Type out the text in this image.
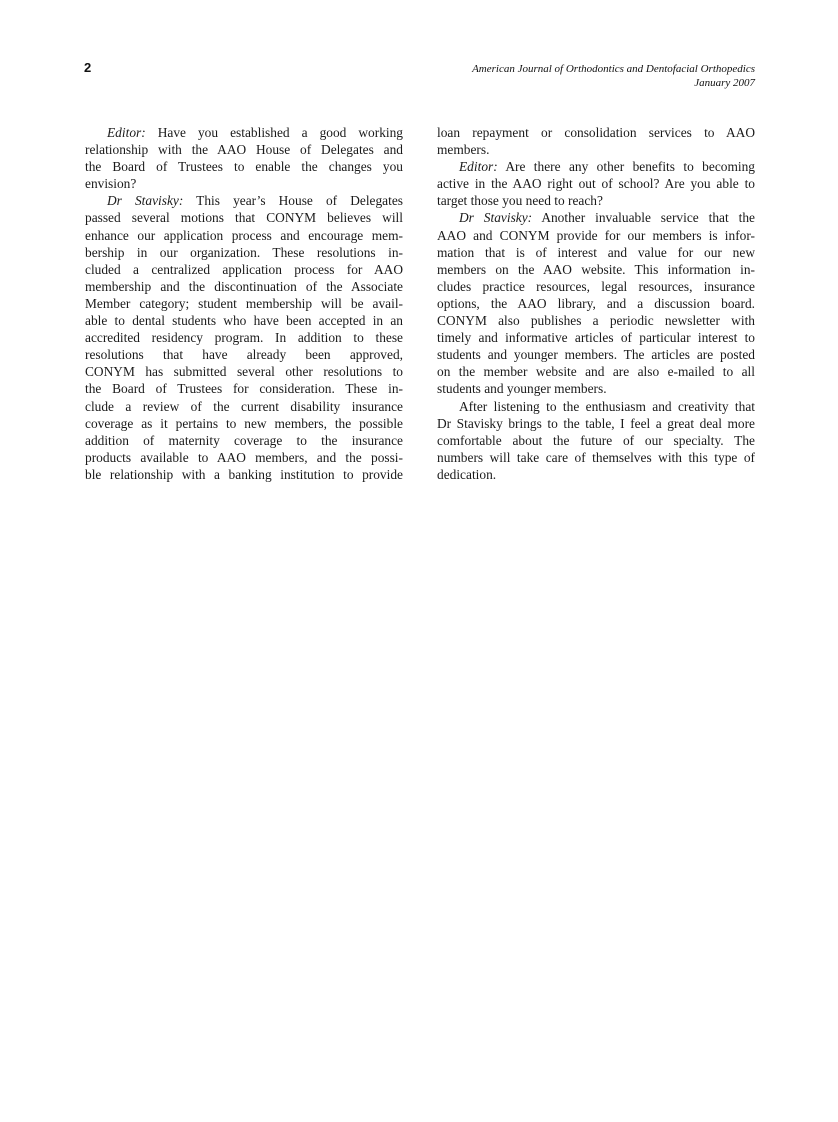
2	American Journal of Orthodontics and Dentofacial Orthopedics
January 2007
Editor: Have you established a good working
relationship with the AAO House of Delegates and
the Board of Trustees to enable the changes you
envision?
Dr Stavisky: This year’s House of Delegates
passed several motions that CONYM believes will
enhance our application process and encourage mem-
bership in our organization. These resolutions in-
cluded a centralized application process for AAO
membership and the discontinuation of the Associate
Member category; student membership will be avail-
able to dental students who have been accepted in an
accredited residency program. In addition to these
resolutions that have already been approved,
CONYM has submitted several other resolutions to
the Board of Trustees for consideration. These in-
clude a review of the current disability insurance
coverage as it pertains to new members, the possible
addition of maternity coverage to the insurance
products available to AAO members, and the possi-
ble relationship with a banking institution to provide
loan repayment or consolidation services to AAO
members.
Editor: Are there any other benefits to becoming
active in the AAO right out of school? Are you able to
target those you need to reach?
Dr Stavisky: Another invaluable service that the
AAO and CONYM provide for our members is infor-
mation that is of interest and value for our new
members on the AAO website. This information in-
cludes practice resources, legal resources, insurance
options, the AAO library, and a discussion board.
CONYM also publishes a periodic newsletter with
timely and informative articles of particular interest to
students and younger members. The articles are posted
on the member website and are also e-mailed to all
students and younger members.
After listening to the enthusiasm and creativity that
Dr Stavisky brings to the table, I feel a great deal more
comfortable about the future of our specialty. The
numbers will take care of themselves with this type of
dedication.
